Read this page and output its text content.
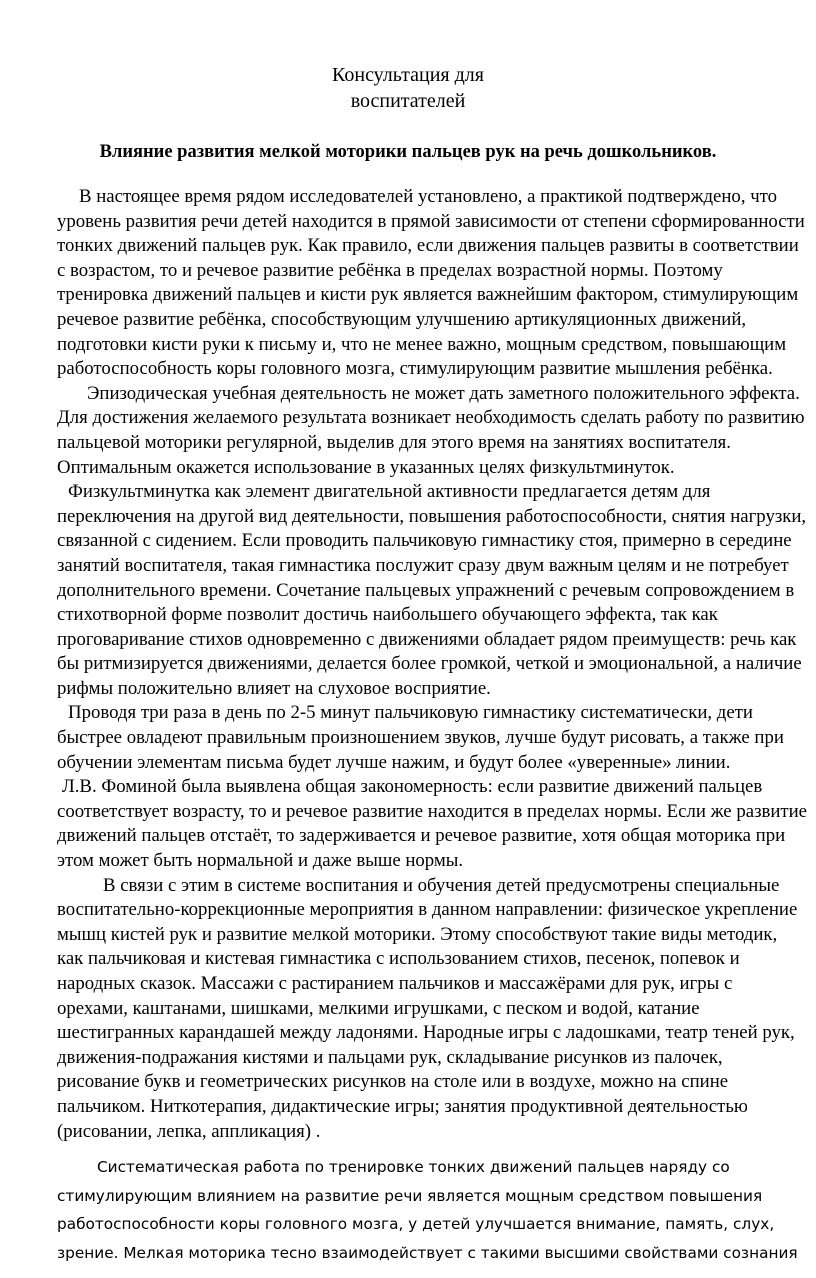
Консультация для
воспитателей
Влияние развития мелкой моторики пальцев рук на речь дошкольников.

В настоящее время рядом исследователей установлено, а практикой подтверждено, что уровень развития речи детей находится в прямой зависимости от степени сформированности тонких движений пальцев рук. Как правило, если движения пальцев развиты в соответствии с возрастом, то и речевое развитие ребёнка в пределах возрастной нормы. Поэтому тренировка движений пальцев и кисти рук является важнейшим фактором, стимулирующим речевое развитие ребёнка, способствующим улучшению артикуляционных движений, подготовки кисти руки к письму и, что не менее важно, мощным средством, повышающим работоспособность коры головного мозга, стимулирующим развитие мышления ребёнка.

Эпизодическая учебная деятельность не может дать заметного положительного эффекта. Для достижения желаемого результата возникает необходимость сделать работу по развитию пальцевой моторики регулярной, выделив для этого время на занятиях воспитателя. Оптимальным окажется использование в указанных целях физкультминуток.

Физкультминутка как элемент двигательной активности предлагается детям для переключения на другой вид деятельности, повышения работоспособности, снятия нагрузки, связанной с сидением. Если проводить пальчиковую гимнастику стоя, примерно в середине занятий воспитателя, такая гимнастика послужит сразу двум важным целям и не потребует дополнительного времени. Сочетание пальцевых упражнений с речевым сопровождением в стихотворной форме позволит достичь наибольшего обучающего эффекта, так как проговаривание стихов одновременно с движениями обладает рядом преимуществ: речь как бы ритмизируется движениями, делается более громкой, четкой и эмоциональной, а наличие рифмы положительно влияет на слуховое восприятие.

Проводя три раза в день по 2-5 минут пальчиковую гимнастику систематически, дети быстрее овладеют правильным произношением звуков, лучше будут рисовать, а также при обучении элементам письма будет лучше нажим, и будут более «уверенные» линии.

Л.В. Фоминой была выявлена общая закономерность: если развитие движений пальцев соответствует возрасту, то и речевое развитие находится в пределах нормы. Если же развитие движений пальцев отстаёт, то задерживается и речевое развитие, хотя общая моторика при этом может быть нормальной и даже выше нормы.

В связи с этим в системе воспитания и обучения детей предусмотрены специальные воспитательно-коррекционные мероприятия в данном направлении: физическое укрепление мышц кистей рук и развитие мелкой моторики. Этому способствуют такие виды методик, как пальчиковая и кистевая гимнастика с использованием стихов, песенок, попевок и народных сказок. Массажи с растиранием пальчиков и массажёрами для рук, игры с орехами, каштанами, шишками, мелкими игрушками, с песком и водой, катание шестигранных карандашей между ладонями. Народные игры с ладошками, театр теней рук, движения-подражания кистями и пальцами рук, складывание рисунков из палочек, рисование букв и геометрических рисунков на столе или в воздухе, можно на спине пальчиком. Ниткотерапия, дидактические игры; занятия продуктивной деятельностью (рисовании, лепка, аппликация) .

Систематическая работа по тренировке тонких движений пальцев наряду со стимулирующим влиянием на развитие речи является мощным средством повышения работоспособности коры головного мозга, у детей улучшается внимание, память, слух, зрение. Мелкая моторика тесно взаимодействует с такими высшими свойствами сознания
